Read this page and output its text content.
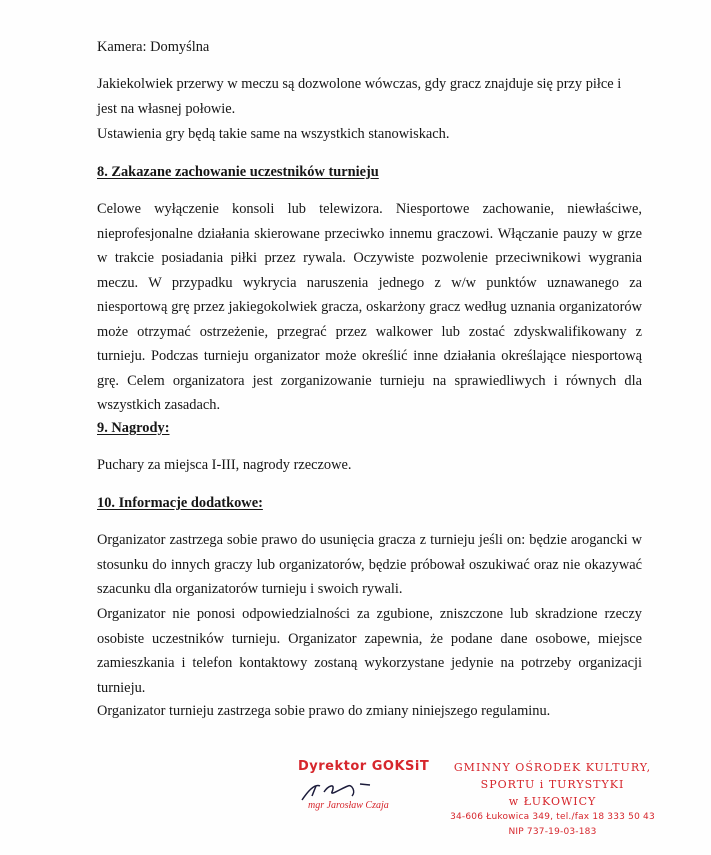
Kamera: Domyślna

Jakiekolwiek przerwy w meczu są dozwolone wówczas, gdy gracz znajduje się przy piłce i jest na własnej połowie.

Ustawienia gry będą takie same na wszystkich stanowiskach.

8. Zakazane zachowanie uczestników turnieju

Celowe wyłączenie konsoli lub telewizora. Niesportowe zachowanie, niewłaściwe, nieprofesjonalne działania skierowane przeciwko innemu graczowi. Włączanie pauzy w grze w trakcie posiadania piłki przez rywala. Oczywiste pozwolenie przeciwnikowi wygrania meczu. W przypadku wykrycia naruszenia jednego z w/w punktów uznawanego za niesportową grę przez jakiegokolwiek gracza, oskarżony gracz według uznania organizatorów może otrzymać ostrzeżenie, przegrać przez walkower lub zostać zdyskwalifikowany z turnieju. Podczas turnieju organizator może określić inne działania określające niesportową grę. Celem organizatora jest zorganizowanie turnieju na sprawiedliwych i równych dla wszystkich zasadach.

9. Nagrody:

Puchary za miejsca I-III, nagrody rzeczowe.

10. Informacje dodatkowe:

Organizator zastrzega sobie prawo do usunięcia gracza z turnieju jeśli on: będzie arogancki w stosunku do innych graczy lub organizatorów, będzie próbował oszukiwać oraz nie okazywać szacunku dla organizatorów turnieju i swoich rywali.

Organizator nie ponosi odpowiedzialności za zgubione, zniszczone lub skradzione rzeczy osobiste uczestników turnieju. Organizator zapewnia, że podane dane osobowe, miejsce zamieszkania i telefon kontaktowy zostaną wykorzystane jedynie na potrzeby organizacji turnieju.

Organizator turnieju zastrzega sobie prawo do zmiany niniejszego regulaminu.

Dyrektor GOKSiT
mgr Jarosław Czaja
GMINNY OŚRODEK KULTURY,
SPORTU i TURYSTYKI
w ŁUKOWICY
34-606 Łukowica 349, tel./fax 18 333 50 43
NIP 737-19-03-183
